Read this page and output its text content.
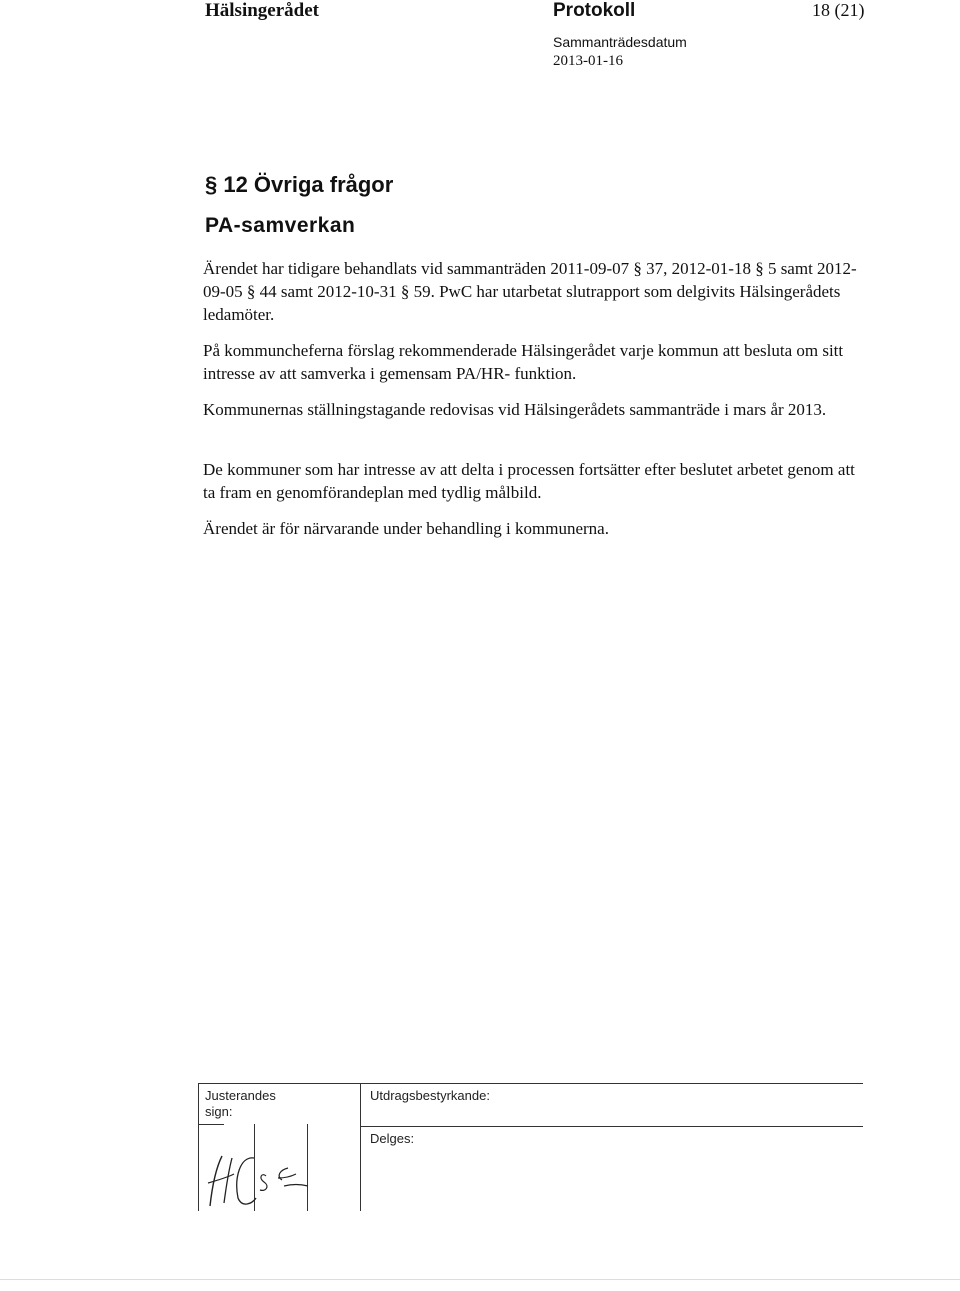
Hälsingerådet	Protokoll	18 (21)
Sammanträdesdatum
2013-01-16
§ 12 Övriga frågor
PA-samverkan

Ärendet har tidigare behandlats vid sammanträden 2011-09-07 § 37, 2012-01-18 § 5 samt 2012-09-05 § 44 samt 2012-10-31 § 59. PwC har utarbetat slutrapport som delgivits Hälsingerådets ledamöter.

På kommuncheferna förslag rekommenderade Hälsingerådet varje kommun att besluta om sitt intresse av att samverka i gemensam PA/HR- funktion.

Kommunernas ställningstagande redovisas vid Hälsingerådets sammanträde i mars år 2013.

De kommuner som har intresse av att delta i processen fortsätter efter beslutet arbetet genom att ta fram en genomförandeplan med tydlig målbild.

Ärendet är för närvarande under behandling i kommunerna.

Justerandes
sign:
Utdragsbestyrkande:
Delges:
